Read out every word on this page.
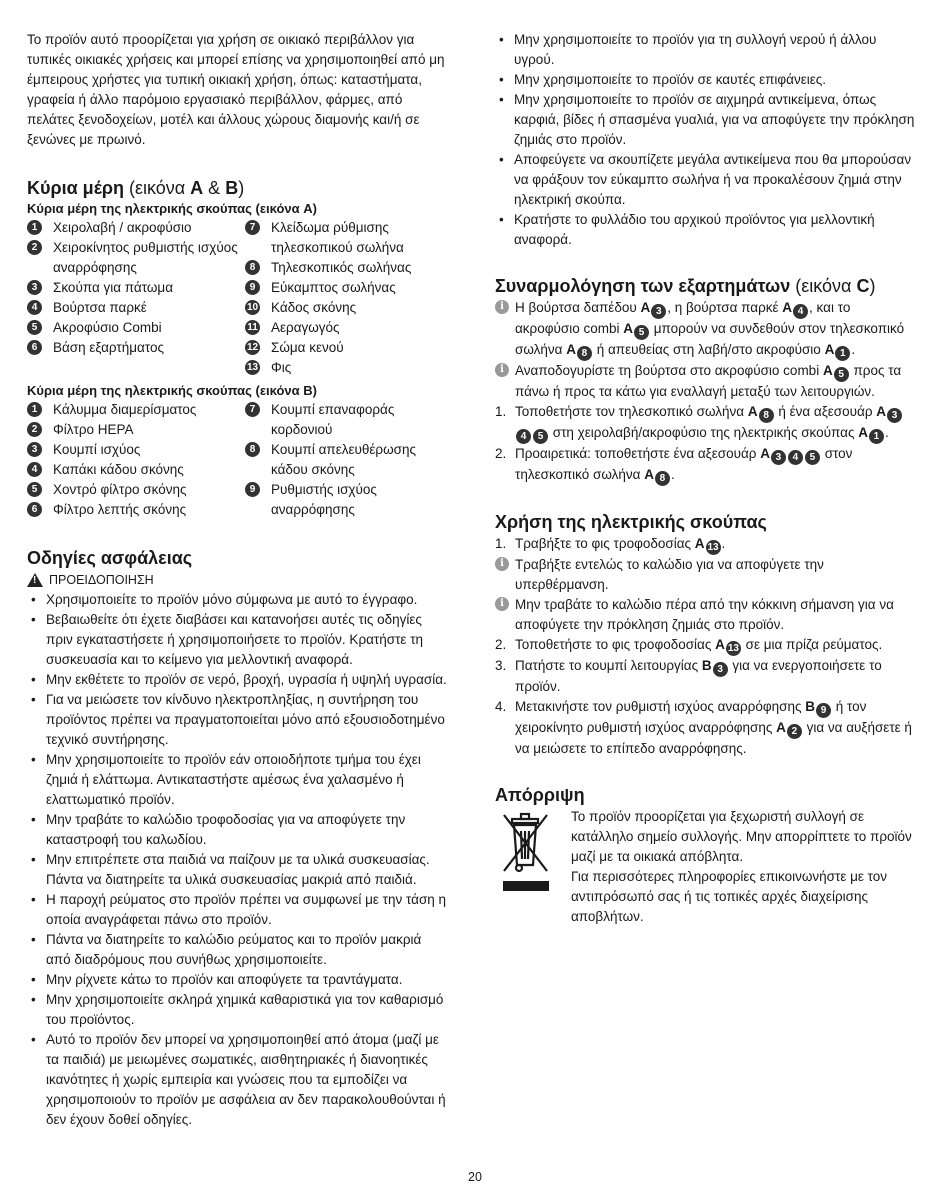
Το προϊόν αυτό προορίζεται για χρήση σε οικιακό περιβάλλον για τυπικές οικιακές χρήσεις και μπορεί επίσης να χρησιμοποιηθεί από μη έμπειρους χρήστες για τυπική οικιακή χρήση, όπως: καταστήματα, γραφεία ή άλλο παρόμοιο εργασιακό περιβάλλον, φάρμες, από πελάτες ξενοδοχείων, μοτέλ και άλλους χώρους διαμονής και/ή σε ξενώνες με πρωινό.

Κύρια μέρη (εικόνα A & B)
Κύρια μέρη της ηλεκτρικής σκούπας (εικόνα A)
1	Χειρολαβή / ακροφύσιο
2	Χειροκίνητος ρυθμιστής ισχύος αναρρόφησης
3	Σκούπα για πάτωμα
4	Βούρτσα παρκέ
5	Ακροφύσιο Combi
6	Βάση εξαρτήματος
7	Κλείδωμα ρύθμισης τηλεσκοπικού σωλήνα
8	Τηλεσκοπικός σωλήνας
9	Εύκαμπτος σωλήνας
10 Κάδος σκόνης
11 Αεραγωγός
12 Σώμα κενού
13 Φις
Κύρια μέρη της ηλεκτρικής σκούπας (εικόνα B)
1	Κάλυμμα διαμερίσματος
2	Φίλτρο HEPA
3	Κουμπί ισχύος
4	Καπάκι κάδου σκόνης
5	Χοντρό φίλτρο σκόνης
6	Φίλτρο λεπτής σκόνης
7	Κουμπί επαναφοράς κορδονιού
8	Κουμπί απελευθέρωσης κάδου σκόνης
9	Ρυθμιστής ισχύος αναρρόφησης
Οδηγίες ασφάλειας
! ΠΡΟΕΙΔΟΠΟΙΗΣΗ
• Χρησιμοποιείτε το προϊόν μόνο σύμφωνα με αυτό το έγγραφο.
• Βεβαιωθείτε ότι έχετε διαβάσει και κατανοήσει αυτές τις οδηγίες πριν εγκαταστήσετε ή χρησιμοποιήσετε το προϊόν. Κρατήστε τη συσκευασία και το κείμενο για μελλοντική αναφορά.
• Μην εκθέτετε το προϊόν σε νερό, βροχή, υγρασία ή υψηλή υγρασία.
• Για να μειώσετε τον κίνδυνο ηλεκτροπληξίας, η συντήρηση του προϊόντος πρέπει να πραγματοποιείται μόνο από εξουσιοδοτημένο τεχνικό συντήρησης.
• Μην χρησιμοποιείτε το προϊόν εάν οποιοδήποτε τμήμα του έχει ζημιά ή ελάττωμα. Αντικαταστήστε αμέσως ένα χαλασμένο ή ελαττωματικό προϊόν.
• Μην τραβάτε το καλώδιο τροφοδοσίας για να αποφύγετε την καταστροφή του καλωδίου.
• Μην επιτρέπετε στα παιδιά να παίζουν με τα υλικά συσκευασίας. Πάντα να διατηρείτε τα υλικά συσκευασίας μακριά από παιδιά.
• Η παροχή ρεύματος στο προϊόν πρέπει να συμφωνεί με την τάση η οποία αναγράφεται πάνω στο προϊόν.
• Πάντα να διατηρείτε το καλώδιο ρεύματος και το προϊόν μακριά από διαδρόμους που συνήθως χρησιμοποιείτε.
• Μην ρίχνετε κάτω το προϊόν και αποφύγετε τα τραντάγματα.
• Μην χρησιμοποιείτε σκληρά χημικά καθαριστικά για τον καθαρισμό του προϊόντος.
• Αυτό το προϊόν δεν μπορεί να χρησιμοποιηθεί από άτομα (μαζί με τα παιδιά) με μειωμένες σωματικές, αισθητηριακές ή διανοητικές ικανότητες ή χωρίς εμπειρία και γνώσεις που τα εμποδίζει να χρησιμοποιούν το προϊόν με ασφάλεια αν δεν παρακολουθούνται ή δεν έχουν δοθεί οδηγίες.
• Μην χρησιμοποιείτε το προϊόν για τη συλλογή νερού ή άλλου υγρού.
• Μην χρησιμοποιείτε το προϊόν σε καυτές επιφάνειες.
• Μην χρησιμοποιείτε το προϊόν σε αιχμηρά αντικείμενα, όπως καρφιά, βίδες ή σπασμένα γυαλιά, για να αποφύγετε την πρόκληση ζημιάς στο προϊόν.
• Αποφεύγετε να σκουπίζετε μεγάλα αντικείμενα που θα μπορούσαν να φράξουν τον εύκαμπτο σωλήνα ή να προκαλέσουν ζημιά στην ηλεκτρική σκούπα.
• Κρατήστε το φυλλάδιο του αρχικού προϊόντος για μελλοντική αναφορά.
Συναρμολόγηση των εξαρτημάτων (εικόνα C)
i Η βούρτσα δαπέδου A 3 , η βούρτσα παρκέ A 4 , και το ακροφύσιο combi A 5 μπορούν να συνδεθούν στον τηλεσκοπικό σωλήνα A 8 ή απευθείας στη λαβή/στο ακροφύσιο A 1 .
i Αναποδογυρίστε τη βούρτσα στο ακροφύσιο combi A 5 προς τα πάνω ή προς τα κάτω για εναλλαγή μεταξύ των λειτουργιών.
1. Τοποθετήστε τον τηλεσκοπικό σωλήνα A 8 ή ένα αξεσουάρ A 34 5 στη χειρολαβή/ακροφύσιο της ηλεκτρικής σκούπας A 1 .
2. Προαιρετικά: τοποθετήστε ένα αξεσουάρ A 3 4 5 στον τηλεσκοπικό σωλήνα A 8 .
Χρήση της ηλεκτρικής σκούπας
1. Τραβήξτε το φις τροφοδοσίας A 13 .
i Τραβήξτε εντελώς το καλώδιο για να αποφύγετε την υπερθέρμανση.
i Μην τραβάτε το καλώδιο πέρα από την κόκκινη σήμανση για να αποφύγετε την πρόκληση ζημιάς στο προϊόν.
2. Τοποθετήστε το φις τροφοδοσίας A 13 σε μια πρίζα ρεύματος.
3. Πατήστε το κουμπί λειτουργίας B 3 για να ενεργοποιήσετε το προϊόν.
4. Μετακινήστε τον ρυθμιστή ισχύος αναρρόφησης B 9 ή τον χειροκίνητο ρυθμιστή ισχύος αναρρόφησης A 2 για να αυξήσετε ή να μειώσετε το επίπεδο αναρρόφησης.
Απόρριψη

Το προϊόν προορίζεται για ξεχωριστή συλλογή σε κατάλληλο σημείο συλλογής. Μην απορρίπτετε το προϊόν μαζί με τα οικιακά απόβλητα.

Για περισσότερες πληροφορίες επικοινωνήστε με τον αντιπρόσωπό σας ή τις τοπικές αρχές διαχείρισης αποβλήτων.

20
